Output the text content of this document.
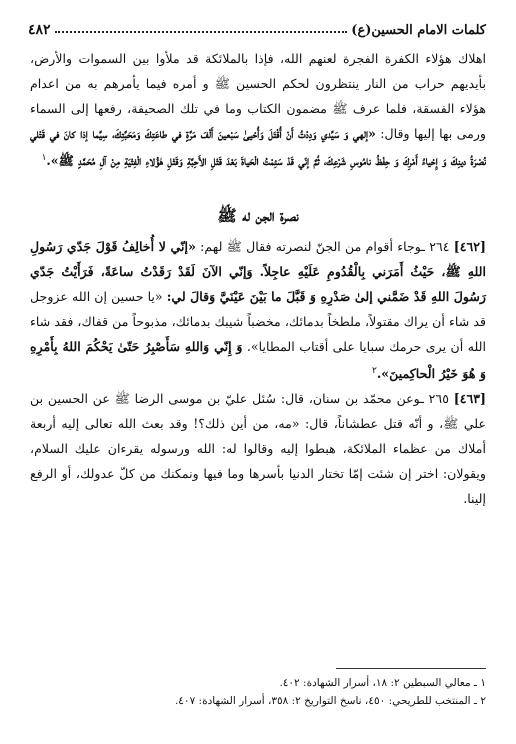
كلمات الامام الحسين(ع)
٤٨٢

اهلاك هؤلاء الكفرة الفجرة لعنهم الله، فإذا بالملائكة قد ملأوا بين السموات والأرض، بأيديهم حراب من النار ينتظرون لحكم الحسين ﷺ و أمره فيما يأمرهم به من اعدام هؤلاء الفسقة، فلما عرف ﷺ مضمون الكتاب وما في تلك الصحيفة، رفعها إلى السماء ورمى بها إليها وقال: «إلهي وَ سَيِّدي وَدِدْتُ أَنْ أُقْتَلَ وَأُحْيىٰ سَبْعينَ أَلْفَ مَرَّةٍ في طاعَتِكَ وَمَحَبَّتِكَ، سِيَّما إذا كانَ في قَتْلي نُصْرَةُ دينِكَ وَ إِحْياءُ أَمْرِكَ وَ حِفْظُ نامُوسِ شَرْعِكَ، ثُمَّ إنّي قَدْ سَئِمْتُ الْحَياةَ بَعْدَ قَتْلِ الأَحِبَّةِ وَقَتْلِ هٰؤُلاءِ الْفِتْيَةِ مِنْ آلِ مُحَمَّدٍ ﷺ».$^١$

نصرة الجن له ﷺ

[٤٦٢] ٢٦٤ ـوجاء أقوام من الجنّ لنصرته فقال ﷺ لهم: «إنّي لا أُخالِفُ قَوْلَ جَدّي رَسُولِ اللهِ ﷺ، حَيْثُ أَمَرَني بِالْقُدُومِ عَلَيْهِ عاجِلاً. وَإنّي الآنَ لَقَدْ رَقَدْتُ ساعَةً، فَرَأَيْتُ جَدّي رَسُولَ اللهِ قَدْ ضَمَّني إلىٰ صَدْرِهِ وَ قَبَّلَ ما بَيْنَ عَيْنَيَّ وَقالَ لي: «يا حسين إن الله عزوجل قد شاء أن يراك مقتولاً، ملطخاً بدمائك، مخضباً شيبك بدمائك، مذبوحاً من قفاك، فقد شاء الله أن يرى حرمك سبايا على أقتاب المطايا». وَ إِنّي وَاللهِ سَأَصْبِرُ حَتّىٰ يَحْكُمَ اللهُ بِأَمْرِهِ وَ هُوَ خَيْرُ الْحاكِمينَ».$^٢$

[٤٦٣] ٢٦٥ ـوعن محمّد بن سنان، قال: سُئل عليّ بن موسى الرضا ﷺ عن الحسين بن علي ﷺ، و أنّه قتل عطشاناً، قال: «مه، من أين ذلك؟! وقد بعث الله تعالى إليه أربعة أملاك من عظماء الملائكة، هبطوا إليه وقالوا له: الله ورسوله يقرءان عليك السلام، ويقولان: اختر إن شئت إمّا تختار الدنيا بأسرها وما فيها ونمكنك من كلّ عدولك، أو الرفع إلينا.

١ ـ معالي السبطين ٢: ١٨، أسرار الشهادة: ٤٠٢.
٢ ـ المنتخب للطريحي: ٤٥٠، ناسخ التواريخ ٢: ٣٥٨، أسرار الشهادة: ٤٠٧.
